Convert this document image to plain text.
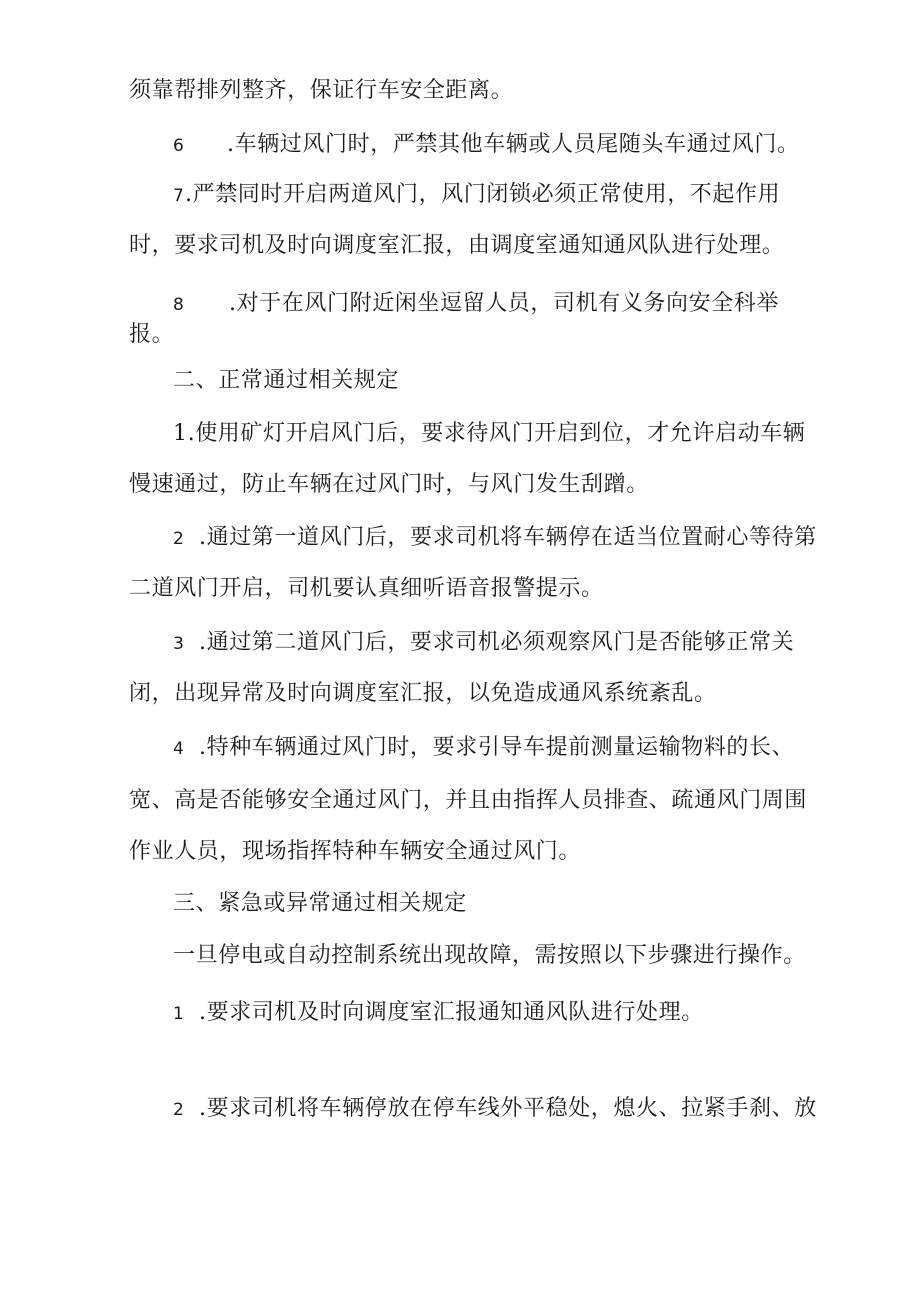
须靠帮排列整齐，保证行车安全距离。
6 .车辆过风门时，严禁其他车辆或人员尾随头车通过风门。
7.严禁同时开启两道风门，风门闭锁必须正常使用，不起作用
时，要求司机及时向调度室汇报，由调度室通知通风队进行处理。
8 .对于在风门附近闲坐逗留人员，司机有义务向安全科举
报。
二、正常通过相关规定
1.使用矿灯开启风门后，要求待风门开启到位，才允许启动车辆
慢速通过，防止车辆在过风门时，与风门发生刮蹭。
2 .通过第一道风门后，要求司机将车辆停在适当位置耐心等待第
二道风门开启，司机要认真细听语音报警提示。
3 .通过第二道风门后，要求司机必须观察风门是否能够正常关
闭，出现异常及时向调度室汇报，以免造成通风系统紊乱。
4 .特种车辆通过风门时，要求引导车提前测量运输物料的长、
宽、高是否能够安全通过风门，并且由指挥人员排查、疏通风门周围
作业人员，现场指挥特种车辆安全通过风门。
三、紧急或异常通过相关规定
一旦停电或自动控制系统出现故障，需按照以下步骤进行操作。
1 .要求司机及时向调度室汇报通知通风队进行处理。
2 .要求司机将车辆停放在停车线外平稳处，熄火、拉紧手刹、放
